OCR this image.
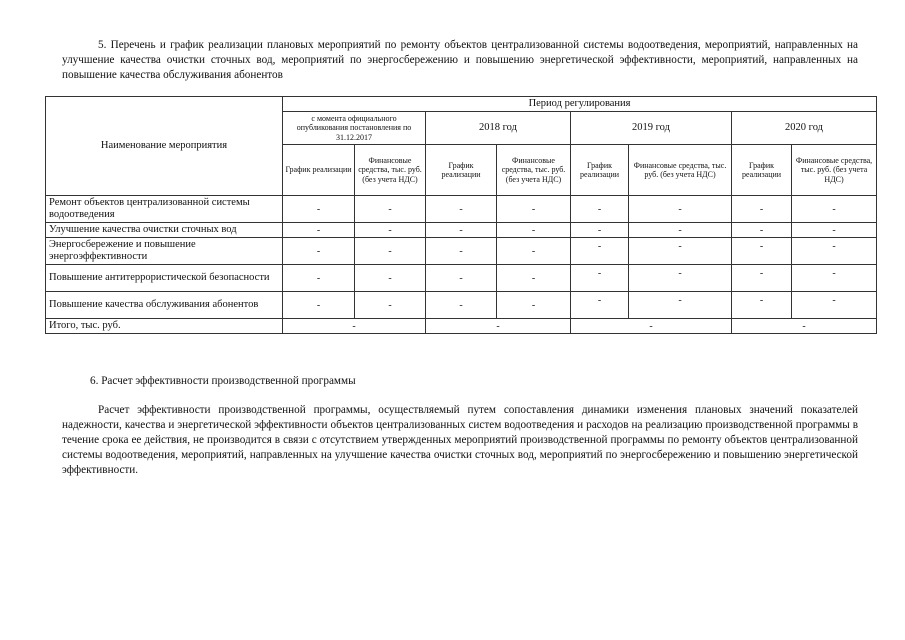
5. Перечень и график реализации плановых мероприятий по ремонту объектов централизованной системы водоотведения, мероприятий, направленных на улучшение качества очистки сточных вод, мероприятий по энергосбережению и повышению энергетической эффективности, мероприятий, направленных на повышение качества обслуживания абонентов

Наименование мероприятия	Период регулирования							
	с момента официального опубликования постановления по 31.12.2017		2018 год		2019 год		2020 год	
	График реализации	Финансовые средства, тыс. руб. (без учета НДС)	График реализации	Финансовые средства, тыс. руб. (без учета НДС)	График реализации	Финансовые средства, тыс. руб. (без учета НДС)	График реализации	Финансовые средства, тыс. руб. (без учета НДС)
Ремонт объектов централизованной системы водоотведения	-	-	-	-	-	-	-	-
Улучшение качества очистки сточных вод	-	-	-	-	-	-	-	-
Энергосбережение и повышение энергоэффективности	-	-	-	-	-	-	-	-
Повышение антитеррористической безопасности	-	-	-	-	-	-	-	-
Повышение качества обслуживания абонентов	-	-	-	-	-	-	-	-
Итого, тыс. руб.	-		-		-		-	

6. Расчет эффективности производственной программы

Расчет эффективности производственной программы, осуществляемый путем сопоставления динамики изменения плановых значений показателей надежности, качества и энергетической эффективности объектов централизованных систем водоотведения и расходов на реализацию производственной программы в течение срока ее действия, не производится в связи с отсутствием утвержденных мероприятий производственной программы по ремонту объектов централизованной системы водоотведения, мероприятий, направленных на улучшение качества очистки сточных вод, мероприятий по энергосбережению и повышению энергетической эффективности.
